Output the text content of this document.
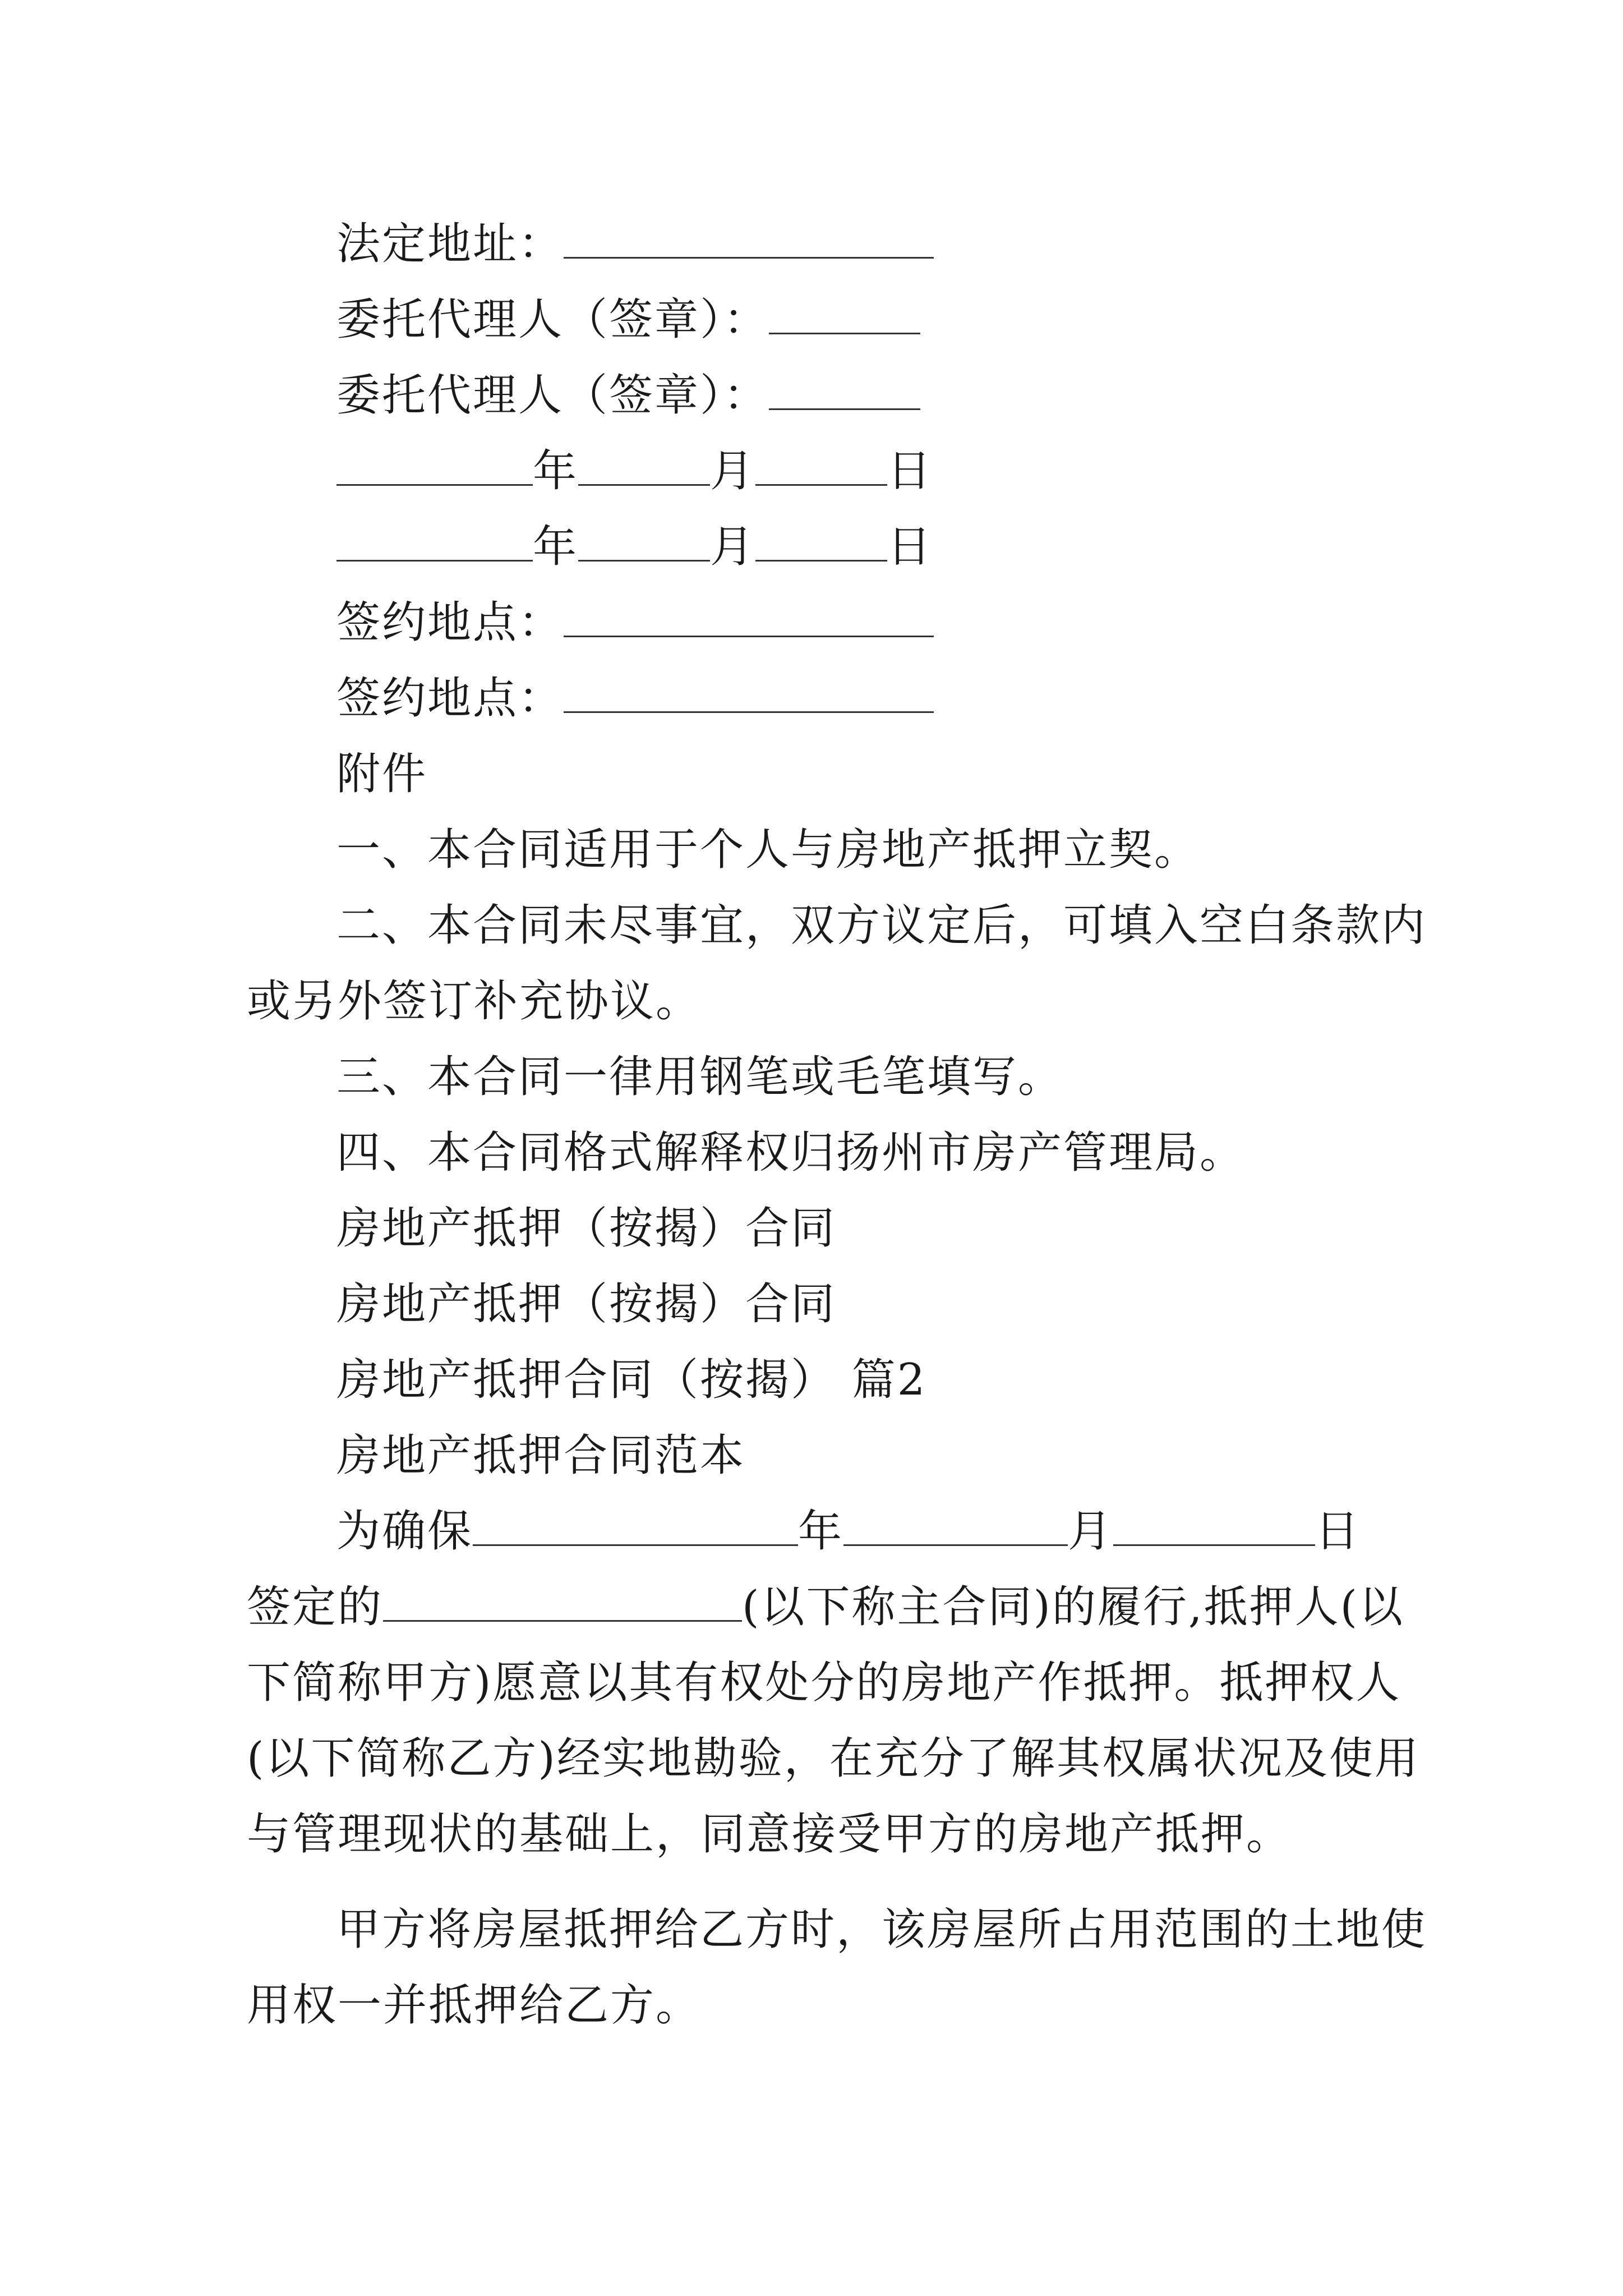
法定地址：
委托代理人（签章）：
委托代理人（签章）：
年	月	日
年	月	日
签约地点：
签约地点：
附件
一、本合同适用于个人与房地产抵押立契。
二、本合同未尽事宜，双方议定后，可填入空白条款内
或另外签订补充协议。
三、本合同一律用钢笔或毛笔填写。
四、本合同格式解释权归扬州市房产管理局。
房地产抵押（按揭）合同
房地产抵押（按揭）合同
房地产抵押合同（按揭） 篇2
房地产抵押合同范本
为确保	年	月	日
签定的	(以下称主合同)的履行,抵押人(以
下简称甲方)愿意以其有权处分的房地产作抵押。抵押权人
(以下简称乙方)经实地勘验，在充分了解其权属状况及使用
与管理现状的基础上，同意接受甲方的房地产抵押。
甲方将房屋抵押给乙方时，该房屋所占用范围的土地使
用权一并抵押给乙方。
